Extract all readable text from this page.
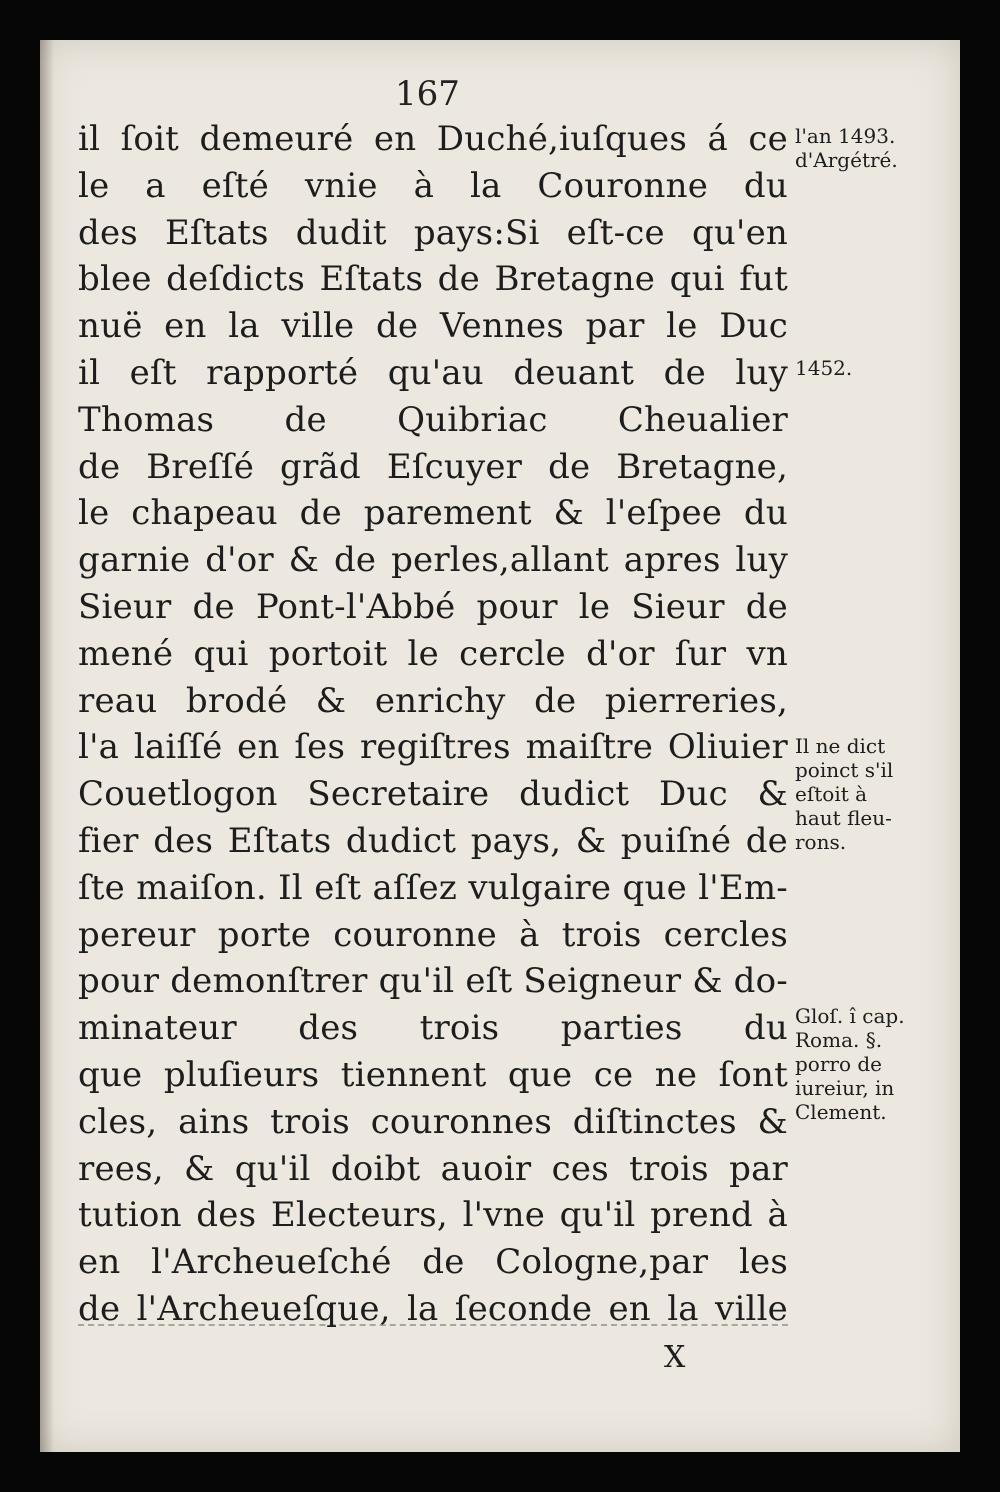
167
il ſoit demeuré en Duché,iuſques á ce
le a eſté vnie à la Couronne du
des Eſtats dudit pays:Si eſt-ce qu'en
blee deſdicts Eſtats de Bretagne qui fut
nuë en la ville de Vennes par le Duc
il eſt rapporté qu'au deuant de luy
Thomas de Quibriac Cheualier
de Breſſé grãd Eſcuyer de Bretagne,
le chapeau de parement & l'eſpee du
garnie d'or & de perles,allant apres luy
Sieur de Pont-l'Abbé pour le Sieur de
mené qui portoit le cercle d'or ſur vn
reau brodé & enrichy de pierreries,
l'a laiſſé en ſes regiſtres maiſtre Oliuier
Couetlogon Secretaire dudict Duc &
fier des Eſtats dudict pays, & puiſné de
ſte maiſon. Il eſt aſſez vulgaire que l'Em-
pereur porte couronne à trois cercles
pour demonſtrer qu'il eſt Seigneur & do-
minateur des trois parties du
que pluſieurs tiennent que ce ne ſont
cles, ains trois couronnes diſtinctes &
rees, & qu'il doibt auoir ces trois par
tution des Electeurs, l'vne qu'il prend à
en l'Archeueſché de Cologne,par les
de l'Archeueſque, la ſeconde en la ville
l'an 1493.
d'Argétré.
1452.
Il ne dict
poinct s'il
eſtoit à
haut fleu-
rons.
Gloſ. î cap.
Roma. §.
porro de
iureiur, in
Clement.
X
